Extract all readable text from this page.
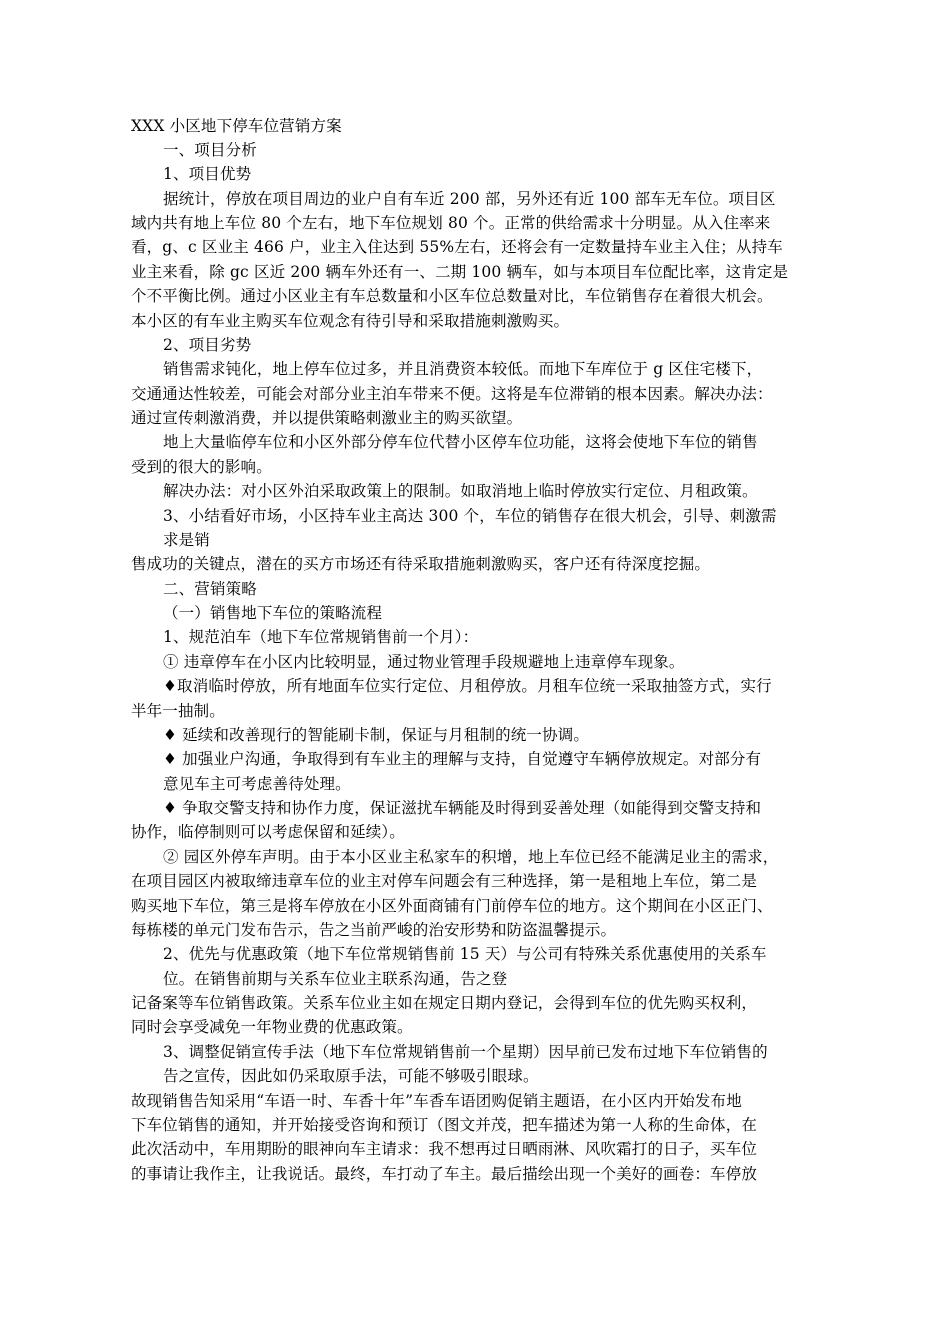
XXX 小区地下停车位营销方案
一、项目分析
1、项目优势
据统计，停放在项目周边的业户自有车近 200 部，另外还有近 100 部车无车位。项目区
域内共有地上车位 80 个左右，地下车位规划 80 个。正常的供给需求十分明显。从入住率来
看，g、c 区业主 466 户，业主入住达到 55%左右，还将会有一定数量持车业主入住；从持车
业主来看，除 gc 区近 200 辆车外还有一、二期 100 辆车，如与本项目车位配比率，这肯定是
个不平衡比例。通过小区业主有车总数量和小区车位总数量对比，车位销售存在着很大机会。
本小区的有车业主购买车位观念有待引导和采取措施刺激购买。
2、项目劣势
销售需求钝化，地上停车位过多，并且消费资本较低。而地下车库位于 g 区住宅楼下，
交通通达性较差，可能会对部分业主泊车带来不便。这将是车位滞销的根本因素。解决办法：
通过宣传刺激消费，并以提供策略刺激业主的购买欲望。
地上大量临停车位和小区外部分停车位代替小区停车位功能，这将会使地下车位的销售
受到的很大的影响。
解决办法：对小区外泊采取政策上的限制。如取消地上临时停放实行定位、月租政策。
3、小结看好市场，小区持车业主高达 300 个，车位的销售存在很大机会，引导、刺激需
求是销
售成功的关键点，潜在的买方市场还有待采取措施刺激购买，客户还有待深度挖掘。
二、营销策略
（一）销售地下车位的策略流程
1、规范泊车（地下车位常规销售前一个月）：
① 违章停车在小区内比较明显，通过物业管理手段规避地上违章停车现象。
♦取消临时停放，所有地面车位实行定位、月租停放。月租车位统一采取抽签方式，实行
半年一抽制。
♦ 延续和改善现行的智能刷卡制，保证与月租制的统一协调。
♦ 加强业户沟通，争取得到有车业主的理解与支持，自觉遵守车辆停放规定。对部分有
意见车主可考虑善待处理。
♦ 争取交警支持和协作力度，保证滋扰车辆能及时得到妥善处理（如能得到交警支持和
协作，临停制则可以考虑保留和延续）。
② 园区外停车声明。由于本小区业主私家车的积增，地上车位已经不能满足业主的需求，
在项目园区内被取缔违章车位的业主对停车问题会有三种选择，第一是租地上车位，第二是
购买地下车位，第三是将车停放在小区外面商铺有门前停车位的地方。这个期间在小区正门、
每栋楼的单元门发布告示，告之当前严峻的治安形势和防盗温馨提示。
2、优先与优惠政策（地下车位常规销售前 15 天）与公司有特殊关系优惠使用的关系车
位。在销售前期与关系车位业主联系沟通，告之登
记备案等车位销售政策。关系车位业主如在规定日期内登记，会得到车位的优先购买权利，
同时会享受减免一年物业费的优惠政策。
3、调整促销宣传手法（地下车位常规销售前一个星期）因早前已发布过地下车位销售的
告之宣传，因此如仍采取原手法，可能不够吸引眼球。
故现销售告知采用“车语一时、车香十年”车香车语团购促销主题语，在小区内开始发布地
下车位销售的通知，并开始接受咨询和预订（图文并茂，把车描述为第一人称的生命体，在
此次活动中，车用期盼的眼神向车主请求：我不想再过日晒雨淋、风吹霜打的日子，买车位
的事请让我作主，让我说话。最终，车打动了车主。最后描绘出现一个美好的画卷：车停放
